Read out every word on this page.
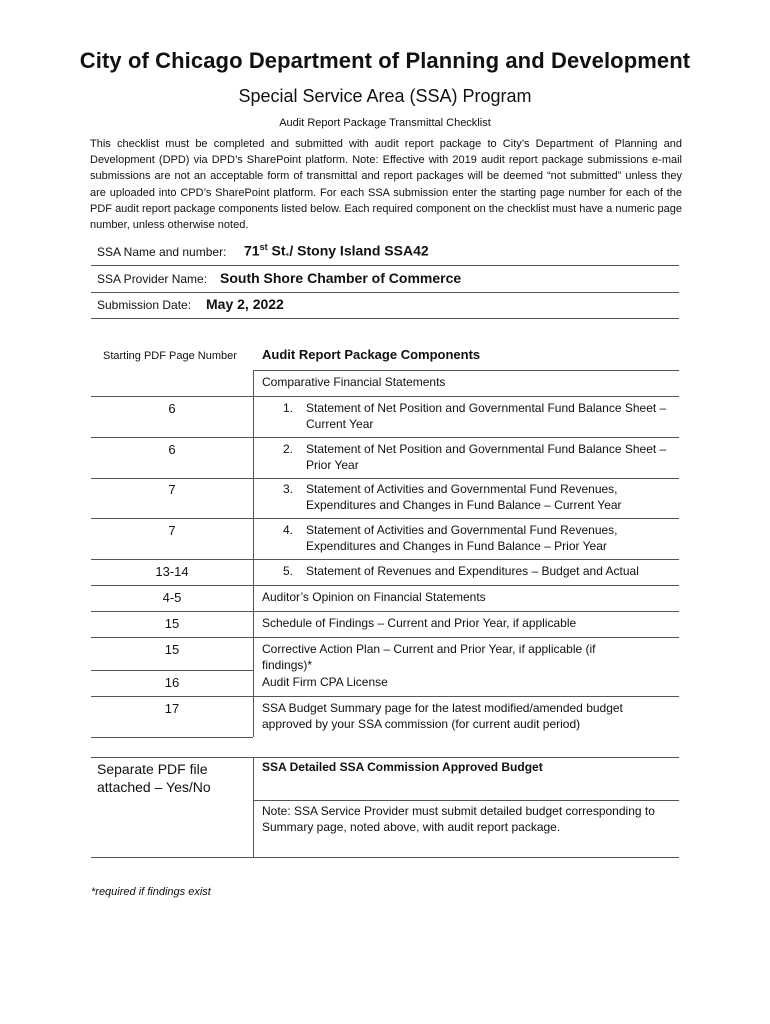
City of Chicago Department of Planning and Development
Special Service Area (SSA) Program
Audit Report Package Transmittal Checklist
This checklist must be completed and submitted with audit report package to City’s Department of Planning and Development (DPD) via DPD’s SharePoint platform. Note: Effective with 2019 audit report package submissions e-mail submissions are not an acceptable form of transmittal and report packages will be deemed “not submitted” unless they are uploaded into CPD’s SharePoint platform. For each SSA submission enter the starting page number for each of the PDF audit report package components listed below. Each required component on the checklist must have a numeric page number, unless otherwise noted.
SSA Name and number: 71st St./ Stony Island SSA42
SSA Provider Name: South Shore Chamber of Commerce
Submission Date: May 2, 2022
Starting PDF Page Number Audit Report Package Components
Comparative Financial Statements
6	1. Statement of Net Position and Governmental Fund Balance Sheet – Current Year
6	2. Statement of Net Position and Governmental Fund Balance Sheet – Prior Year
7	3. Statement of Activities and Governmental Fund Revenues, Expenditures and Changes in Fund Balance – Current Year
7	4. Statement of Activities and Governmental Fund Revenues, Expenditures and Changes in Fund Balance – Prior Year
13-14	5. Statement of Revenues and Expenditures – Budget and Actual
4-5	Auditor’s Opinion on Financial Statements
15	Schedule of Findings – Current and Prior Year, if applicable
15	Corrective Action Plan – Current and Prior Year, if applicable (if findings)*
16	Audit Firm CPA License
17	SSA Budget Summary page for the latest modified/amended budget approved by your SSA commission (for current audit period)
Separate PDF file attached – Yes/No
SSA Detailed SSA Commission Approved Budget
Note: SSA Service Provider must submit detailed budget corresponding to Summary page, noted above, with audit report package.
*required if findings exist
